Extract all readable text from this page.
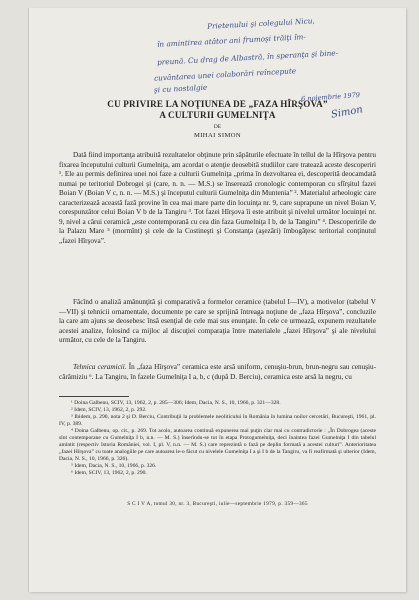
Prietenului şi colegului Nicu,
în amintirea atâtor ani frumoşi trăiţi îm-
preună. Cu drag de Albastră, în speranţa şi bine-
cuvântarea unei colaborări reîncepute
şi cu nostalgie
6 noiembrie 1979
Simon
CU PRIVIRE LA NOŢIUNEA DE „FAZA HÎRŞOVA”
A CULTURII GUMELNIŢA
DE
MIHAI SIMON

Dată fiind importanţa atribuită rezultatelor obţinute prin săpăturile efectuate în tellul de la Hîrşova pentru fixarea începutului culturii Gumelniţa, am acordat o atenţie deosebită studiilor care tratează aceste descoperiri ¹. Ele au permis definirea unei noi faze a culturii Gumelniţa „prima în dezvoltarea ei, descoperită deocamdată numai pe teritoriul Dobrogei şi (care, n. n. — M.S.) se înserează cronologic contemporan cu sfîrşitul fazei Boian V (Boian V c, n. n. — M.S.) şi începutul culturii Gumelniţa din Muntenia” ². Materialul arheologic care caracterizează această fază provine în cea mai mare parte din locuinţa nr. 9, care suprapune un nivel Boian V, corespunzător celui Boian V b de la Tangiru ³. Tot fazei Hîrşova îi este atribuit şi nivelul următor locuinţei nr. 9, nivel a cărui ceramică „este contemporană cu cea din faza Gumelniţa I b, de la Tangiru” ⁴. Descoperirile de la Palazu Mare ⁵ (mormînt) şi cele de la Costineşti şi Constanţa (aşezări) îmbogăţesc teritorial conţinutul „fazei Hîrşova”.

Făcînd o analiză amănunţită şi comparativă a formelor ceramice (tabelul I—IV), a motivelor (tabelul V—VII) şi tehnicii ornamentale, documente pe care se sprijină întreaga noţiune de „faza Hîrşova”, concluzile la care am ajuns se deosebesc însă esenţial de cele mai sus enunţate. În cele ce urmează, expunem rezultatele acestei analize, folosind ca mijloc al discuţiei comparaţia între materialele „fazei Hîrşova” şi ale nivelului următor, cu cele de la Tangiru.

Tehnica ceramicii. În „faza Hîrşova” ceramica este arsă uniform, cenuşiu-brun, brun-negru sau cenuşiu-cărămiziu ⁶. La Tangiru, în fazele Gumelniţa I a, b, c (după D. Berciu), ceramica este arsă la negru, cu

¹ Doina Galbenu, SCIV, 13, 1962, 2, p. 285—306; Idem, Dacia, N. S., 10, 1966, p. 321—328.

² Idem, SCIV, 13, 1962, 2, p. 292.

³ Ibidem, p. 290, nota 2 şi D. Berciu, Contribuţii la problemele neoliticului în România în lumina noilor cercetări, Bucureşti, 1961, pl. IV, p. 389.

⁴ Doina Galbenu, op. cit., p. 269. Tot acolo, autoarea continuă expunerea mai puţin clar mai cu contradictorie : „În Dobrogea (aceste sînt contemporane cu Gumelniţa I b, n.n. — M. S.) înserîndu-se tot în etapa Protogumelniţa, deci înaintea fazei Gumelniţa I din tabelul amintit (respectiv Istoria României, vol. I, pl. V, n.n. — M. S.) care reprezintă o fază pe deplin formată a acestei culturi”. Anterioritatea „fazei Hîrşova” cu toate analogiile pe care autoarea le-o făcut cu nivelele Gumelniţa I a şi I b de la Tangiru, va fi reafirmată şi ulterior (Idem, Dacia, N. S., 10, 1966, p. 326).

⁵ Idem, Dacia, N. S., 10, 1966, p. 326.

⁶ Idem, SCIV, 13, 1962, 2, p. 290.

S C I V A, tomul 30, nr. 3, Bucureşti, iulie—septembrie 1979, p. 359—365
